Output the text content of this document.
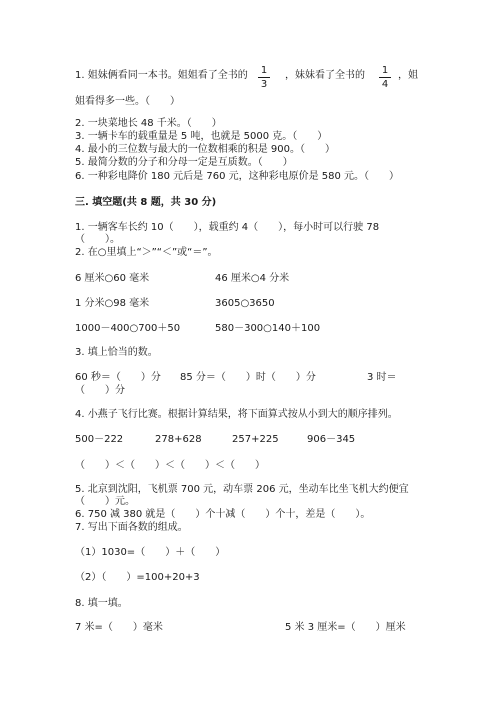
1. 姐妹俩看同一本书。姐姐看了全书的 1
3
，妹妹看了全书的 1
4
，姐
姐看得多一些。（　　）
2. 一块菜地长 48 千米。（　　）
3. 一辆卡车的载重量是 5 吨，也就是 5000 克。（　　）
4. 最小的三位数与最大的一位数相乘的积是 900。（　　）
5. 最简分数的分子和分母一定是互质数。（　　）
6. 一种彩电降价 180 元后是 760 元，这种彩电原价是 580 元。（　　）
三. 填空题(共 8 题，共 30 分)
1. 一辆客车长约 10（　　），载重约 4（　　），每小时可以行驶 78
（　　）。
2. 在○里填上“＞”“＜”或“＝”。
6 厘米○60 毫米	46 厘米○4 分米
1 分米○98 毫米	3605○3650
1000－400○700＋50	580－300○140＋100
3. 填上恰当的数。
60 秒＝（　　）分 85 分＝（　　）时（　　）分	3 时＝
（　　）分
4. 小燕子飞行比赛。根据计算结果，将下面算式按从小到大的顺序排列。
500－222	278+628	257+225	906－345
（　　）＜（　　）＜（　　）＜（　　）
5. 北京到沈阳，飞机票 700 元，动车票 206 元，坐动车比坐飞机大约便宜
（　　）元。
6. 750 减 380 就是（　　）个十减（　　）个十，差是（　　）。
7. 写出下面各数的组成。
（1）1030=（　　）＋（　　）
（2）（　　）=100+20+3
8. 填一填。
7 米=（　　）毫米	5 米 3 厘米=（　　）厘米
